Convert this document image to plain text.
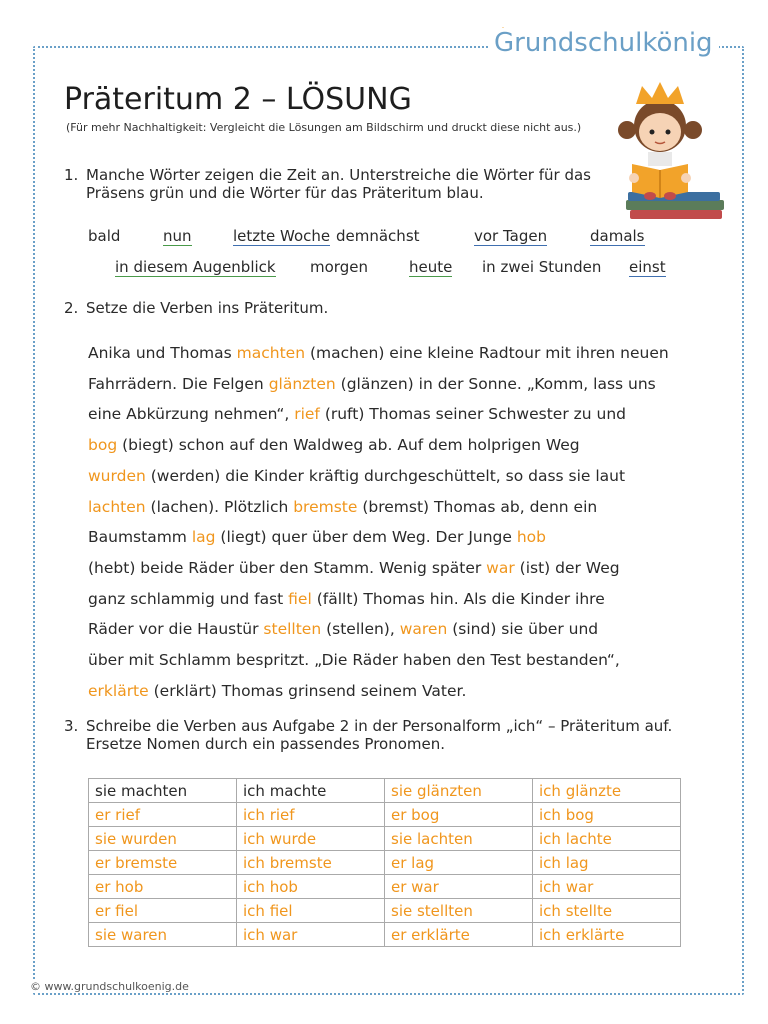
Grundschulkönig
Präteritum 2 – LÖSUNG
(Für mehr Nachhaltigkeit: Vergleicht die Lösungen am Bildschirm und druckt diese nicht aus.)
1. Manche Wörter zeigen die Zeit an. Unterstreiche die Wörter für das
Präsens grün und die Wörter für das Präteritum blau.
bald	nun	letzte Woche demnächst	vor Tagen	damals
in diesem Augenblick morgen	heute in zwei Stunden einst
2. Setze die Verben ins Präteritum.
Anika und Thomas machten (machen) eine kleine Radtour mit ihren neuen
Fahrrädern. Die Felgen glänzten (glänzen) in der Sonne. „Komm, lass uns
eine Abkürzung nehmen“, rief (ruft) Thomas seiner Schwester zu und
bog (biegt) schon auf den Waldweg ab. Auf dem holprigen Weg
wurden (werden) die Kinder kräftig durchgeschüttelt, so dass sie laut
lachten (lachen). Plötzlich bremste (bremst) Thomas ab, denn ein
Baumstamm lag (liegt) quer über dem Weg. Der Junge hob
(hebt) beide Räder über den Stamm. Wenig später war (ist) der Weg
ganz schlammig und fast fiel (fällt) Thomas hin. Als die Kinder ihre
Räder vor die Haustür stellten (stellen), waren (sind) sie über und
über mit Schlamm bespritzt. „Die Räder haben den Test bestanden“,
erklärte (erklärt) Thomas grinsend seinem Vater.
3. Schreibe die Verben aus Aufgabe 2 in der Personalform „ich“ – Präteritum auf.
Ersetze Nomen durch ein passendes Pronomen.
sie machten	ich machte	sie glänzten	ich glänzte
er rief	ich rief	er bog	ich bog
sie wurden	ich wurde	sie lachten	ich lachte
er bremste	ich bremste	er lag	ich lag
er hob	ich hob	er war	ich war
er fiel	ich fiel	sie stellten	ich stellte
sie waren	ich war	er erklärte	ich erklärte
© www.grundschulkoenig.de
